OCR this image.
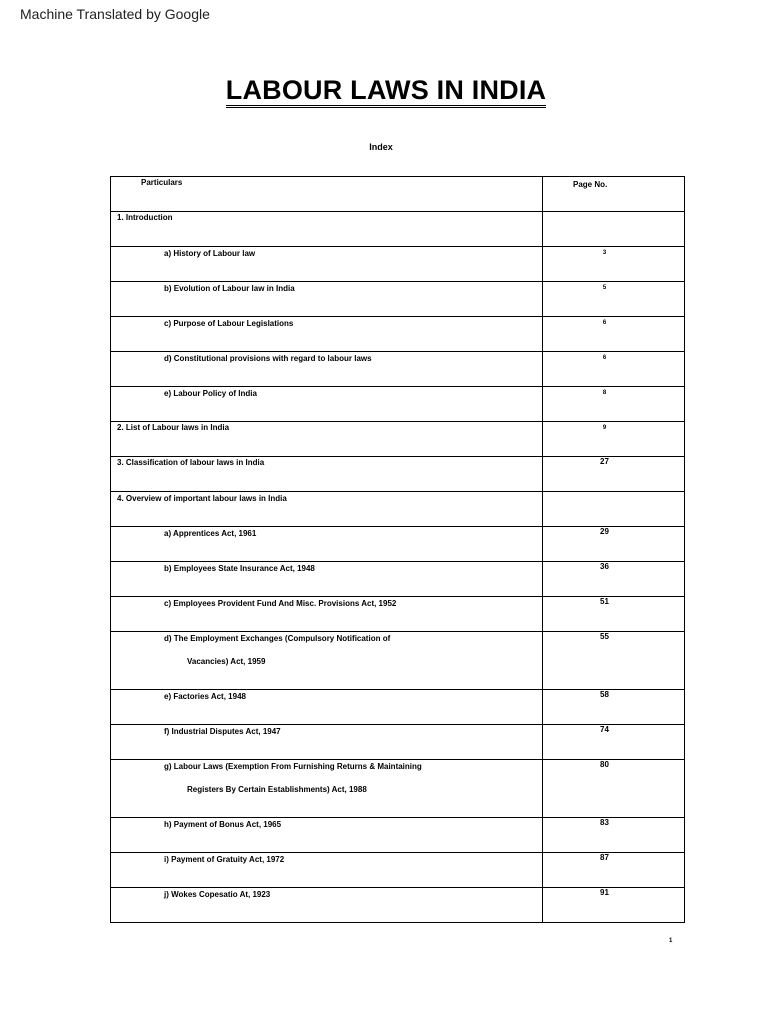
Machine Translated by Google
LABOUR LAWS IN INDIA
Index
Particulars	Page No.

1. Introduction	

a) History of Labour law	3

b) Evolution of Labour law in India	5

c) Purpose of Labour Legislations	6

d) Constitutional provisions with regard to labour laws	6

e) Labour Policy of India	8

2. List of Labour laws in India	9

3. Classification of labour laws in India	27

4. Overview of important labour laws in India	

a) Apprentices Act, 1961	29

b) Employees State Insurance Act, 1948	36

c) Employees Provident Fund And Misc. Provisions Act, 1952	51

d) The Employment Exchanges (Compulsory Notification of
Vacancies) Act, 1959	55

e) Factories Act, 1948	58

f) Industrial Disputes Act, 1947	74

g) Labour Laws (Exemption From Furnishing Returns & Maintaining
Registers By Certain Establishments) Act, 1988	80

h) Payment of Bonus Act, 1965	83

i) Payment of Gratuity Act, 1972	87

j) Wokes Copesatio At, 1923	91
1
